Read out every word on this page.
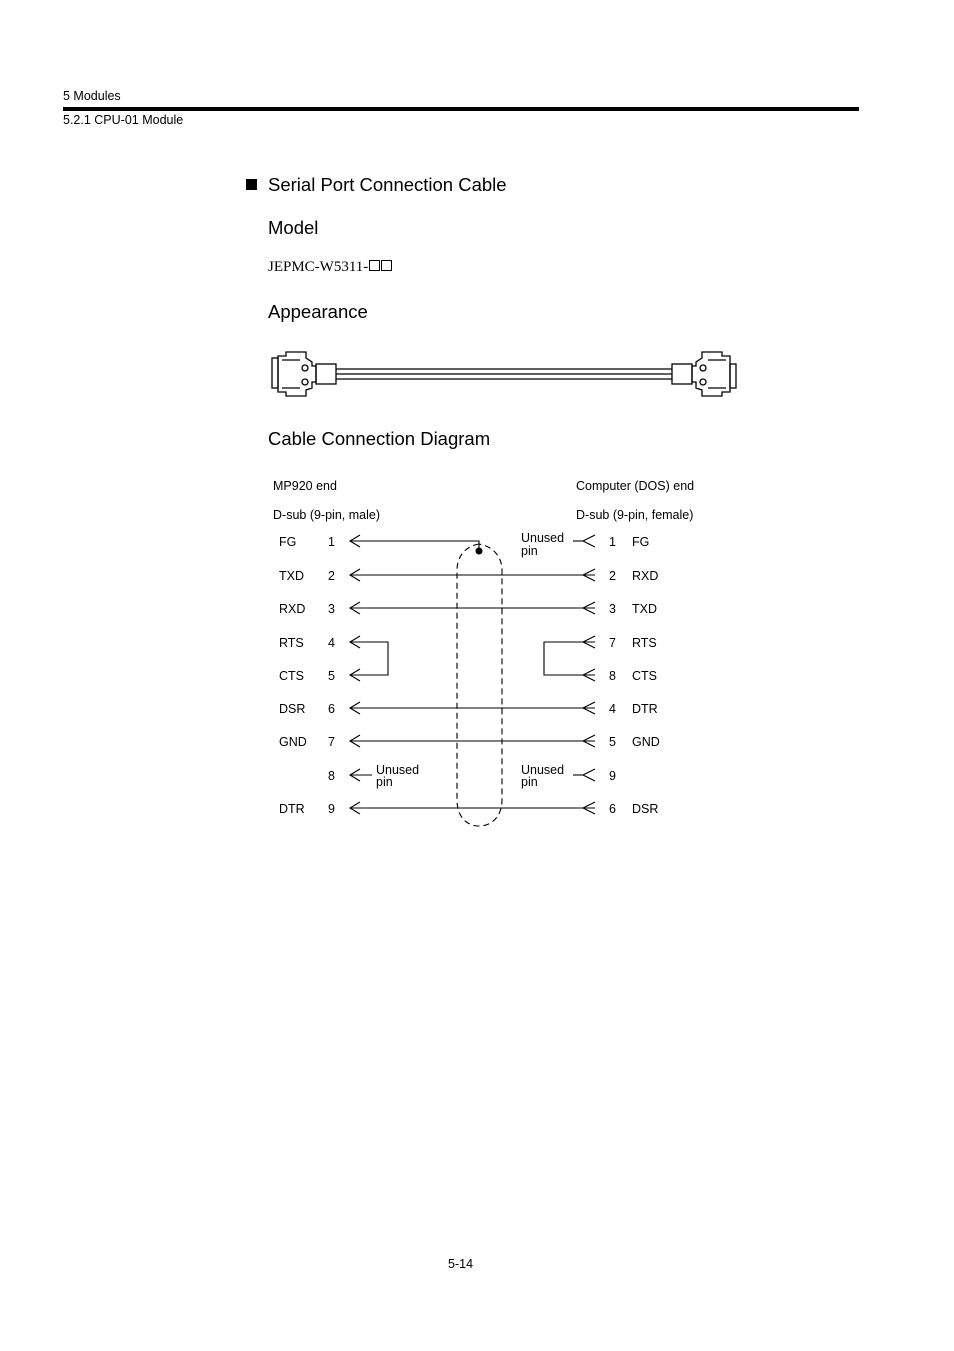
5 Modules
5.2.1 CPU-01 Module
Serial Port Connection Cable
Model
JEPMC-W5311-
Appearance
Cable Connection Diagram
MP920 end
D-sub (9-pin, male)
Computer (DOS) end
D-sub (9-pin, female)
FG	1
TXD 2
RXD 3
RTS 4
CTS 5
DSR 6
GND 7
8
DTR 9
1 FG
2 RXD
3 TXD
7 RTS
8 CTS
4 DTR
5 GND
9
6 DSR
Unused
pin
Unused
pin
Unused
pin
5-14
